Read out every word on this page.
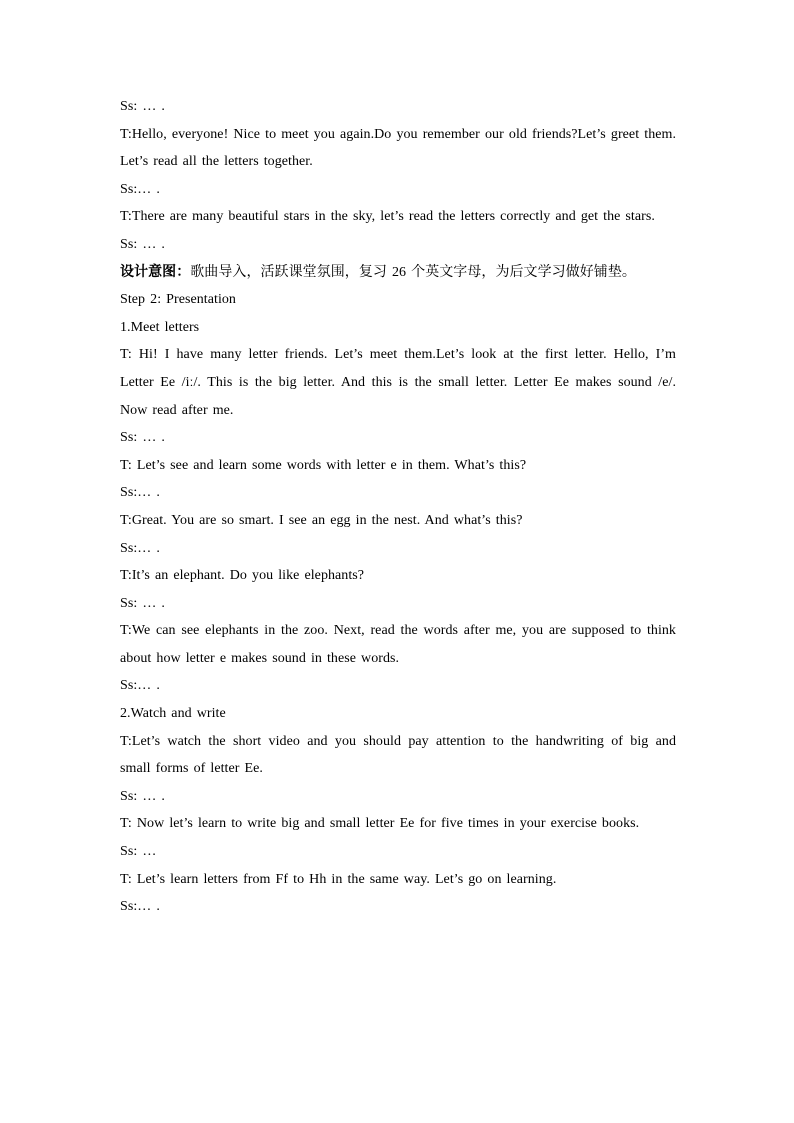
Ss: … .

T:Hello, everyone! Nice to meet you again.Do you remember our old friends?Let’s greet them. Let’s read all the letters together.

Ss:… .

T:There are many beautiful stars in the sky, let’s read the letters correctly and get the stars.

Ss: … .

设计意图：歌曲导入，活跃课堂氛围，复习 26 个英文字母，为后文学习做好铺垫。

Step 2: Presentation

1.Meet letters

T: Hi! I have many letter friends. Let’s meet them.Let’s look at the first letter. Hello, I’m Letter Ee /iː/. This is the big letter. And this is the small letter. Letter Ee makes sound /e/. Now read after me.

Ss: … .

T: Let’s see and learn some words with letter e in them. What’s this?

Ss:… .

T:Great. You are so smart. I see an egg in the nest. And what’s this?

Ss:… .

T:It’s an elephant. Do you like elephants?

Ss: … .

T:We can see elephants in the zoo. Next, read the words after me, you are supposed to think about how letter e makes sound in these words.

Ss:… .

2.Watch and write

T:Let’s watch the short video and you should pay attention to the handwriting of big and small forms of letter Ee.

Ss: … .

T: Now let’s learn to write big and small letter Ee for five times in your exercise books.

Ss: …

T: Let’s learn letters from Ff to Hh in the same way. Let’s go on learning.

Ss:… .
